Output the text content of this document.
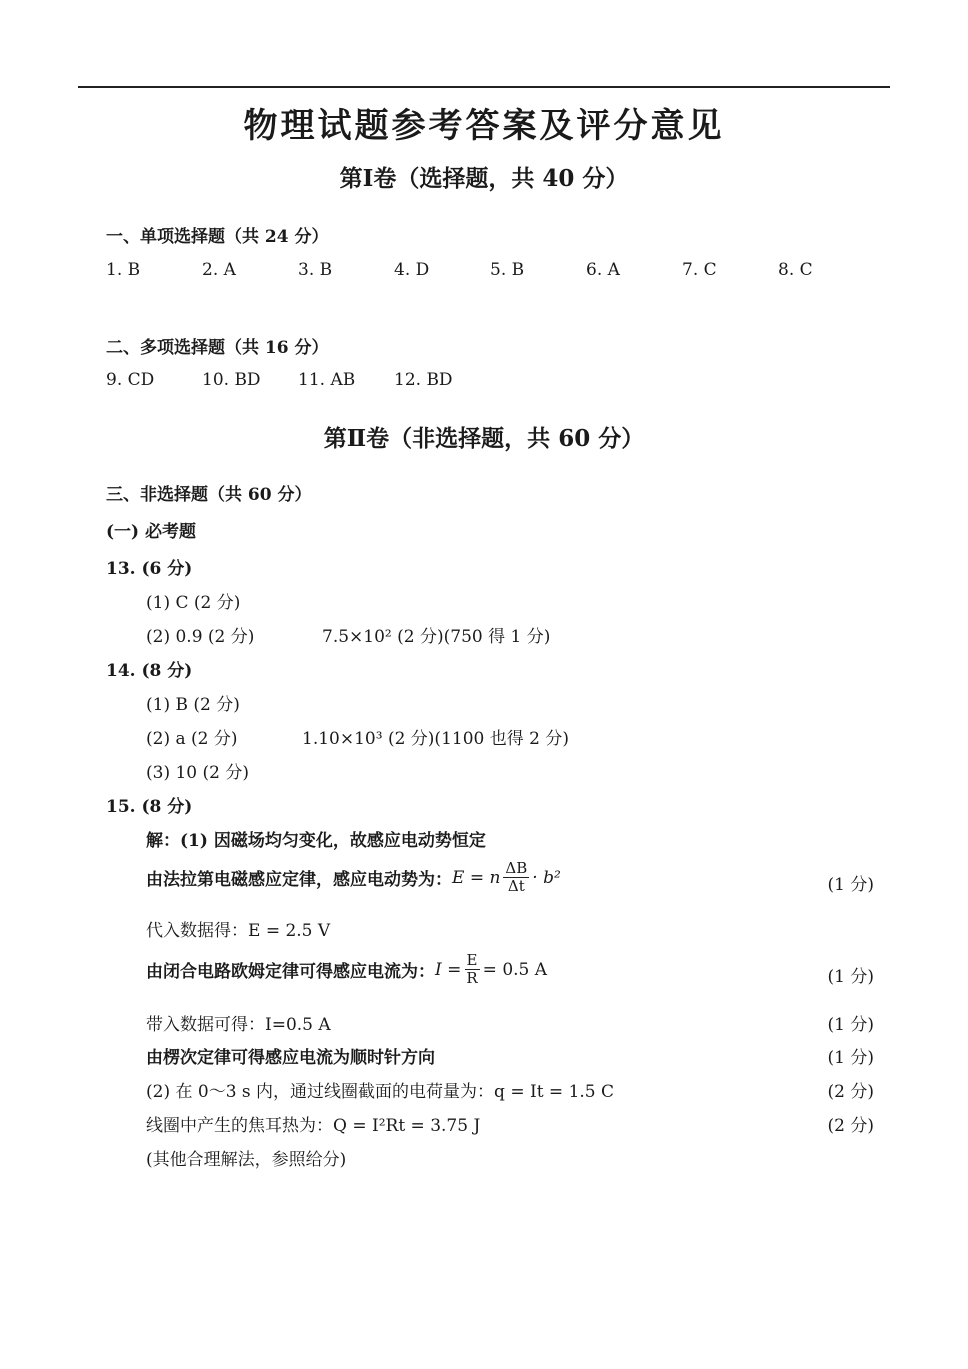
物理试题参考答案及评分意见
第Ⅰ卷（选择题，共 40 分）
一、单项选择题（共 24 分）
1. B	2. A	3. B	4. D	5. B	6. A	7. C	8. C
二、多项选择题（共 16 分）
9. CD	10. BD 11. AB 12. BD
第Ⅱ卷（非选择题，共 60 分）
三、非选择题（共 60 分）
(一) 必考题
13. (6 分)
(1) C (2 分)
(2) 0.9 (2 分)	7.5×10² (2 分)(750 得 1 分)
14. (8 分)
(1) B (2 分)
(2) a (2 分)	1.10×10³ (2 分)(1100 也得 2 分)
(3) 10 (2 分)
15. (8 分)
解：(1) 因磁场均匀变化，故感应电动势恒定
由法拉第电磁感应定律，感应电动势为： E = n $\frac{\Delta B}{\Delta t} \cdot b^2$	(1 分)
代入数据得：E = 2.5 V
由闭合电路欧姆定律可得感应电流为： $I = \frac{E}{R} = 0.5$ A	(1 分)
带入数据可得：I=0.5 A	(1 分)
由楞次定律可得感应电流为顺时针方向	(1 分)
(2) 在 0～3 s 内，通过线圈截面的电荷量为：q = It = 1.5 C	(2 分)
线圈中产生的焦耳热为：Q = I²Rt = 3.75 J	(2 分)
(其他合理解法，参照给分)
